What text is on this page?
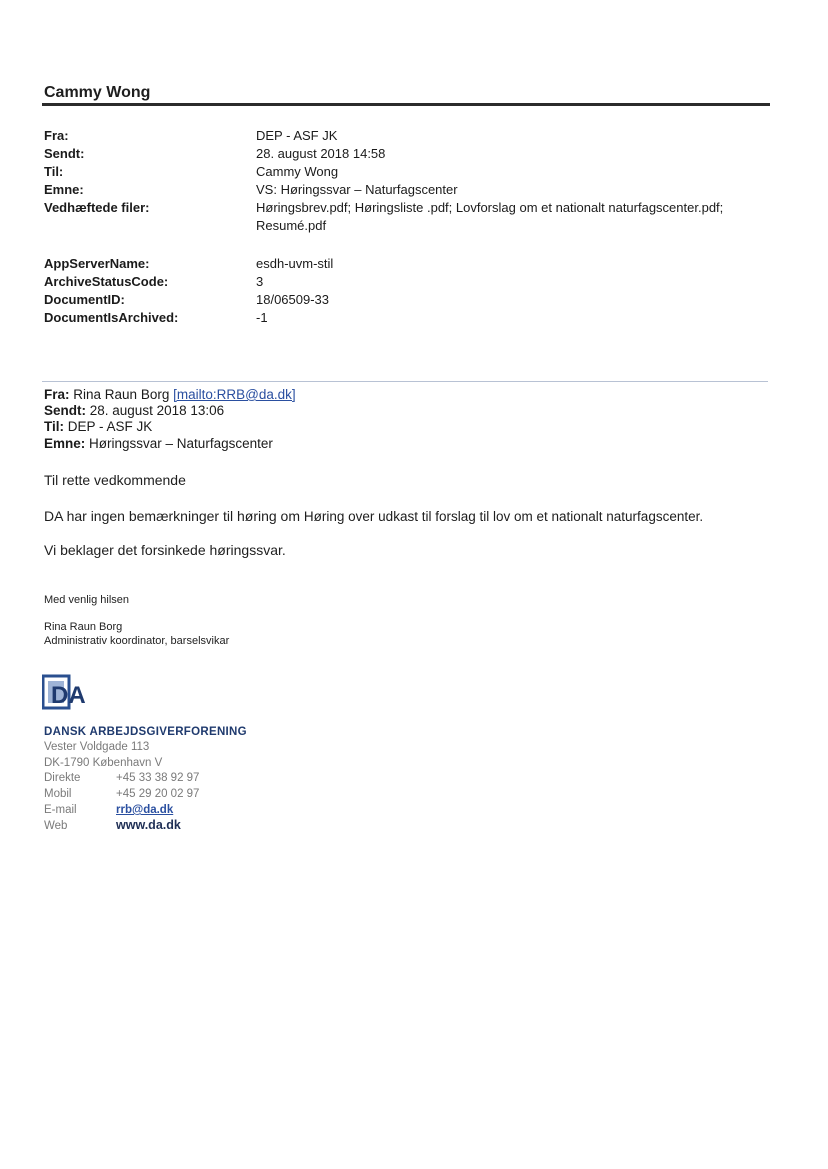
Cammy Wong
Fra:	DEP - ASF JK
Sendt:	28. august 2018 14:58
Til:	Cammy Wong
Emne:	VS: Høringssvar – Naturfagscenter
Vedhæftede filer:	Høringsbrev.pdf; Høringsliste .pdf; Lovforslag om et nationalt naturfagscenter.pdf;
Resumé.pdf
AppServerName:	esdh-uvm-stil
ArchiveStatusCode:	3
DocumentID:	18/06509-33
DocumentIsArchived:	-1
Fra: Rina Raun Borg [mailto:RRB@da.dk]
Sendt: 28. august 2018 13:06
Til: DEP - ASF JK
Emne: Høringssvar – Naturfagscenter
Til rette vedkommende
DA har ingen bemærkninger til høring om Høring over udkast til forslag til lov om et nationalt naturfagscenter.
Vi beklager det forsinkede høringssvar.
Med venlig hilsen
Rina Raun Borg
Administrativ koordinator, barselsvikar
DA
DANSK ARBEJDSGIVERFORENING
Vester Voldgade 113
DK-1790 København V
Direkte	+45 33 38 92 97
Mobil	+45 29 20 02 97
E-mail	rrb@da.dk
Web	www.da.dk
